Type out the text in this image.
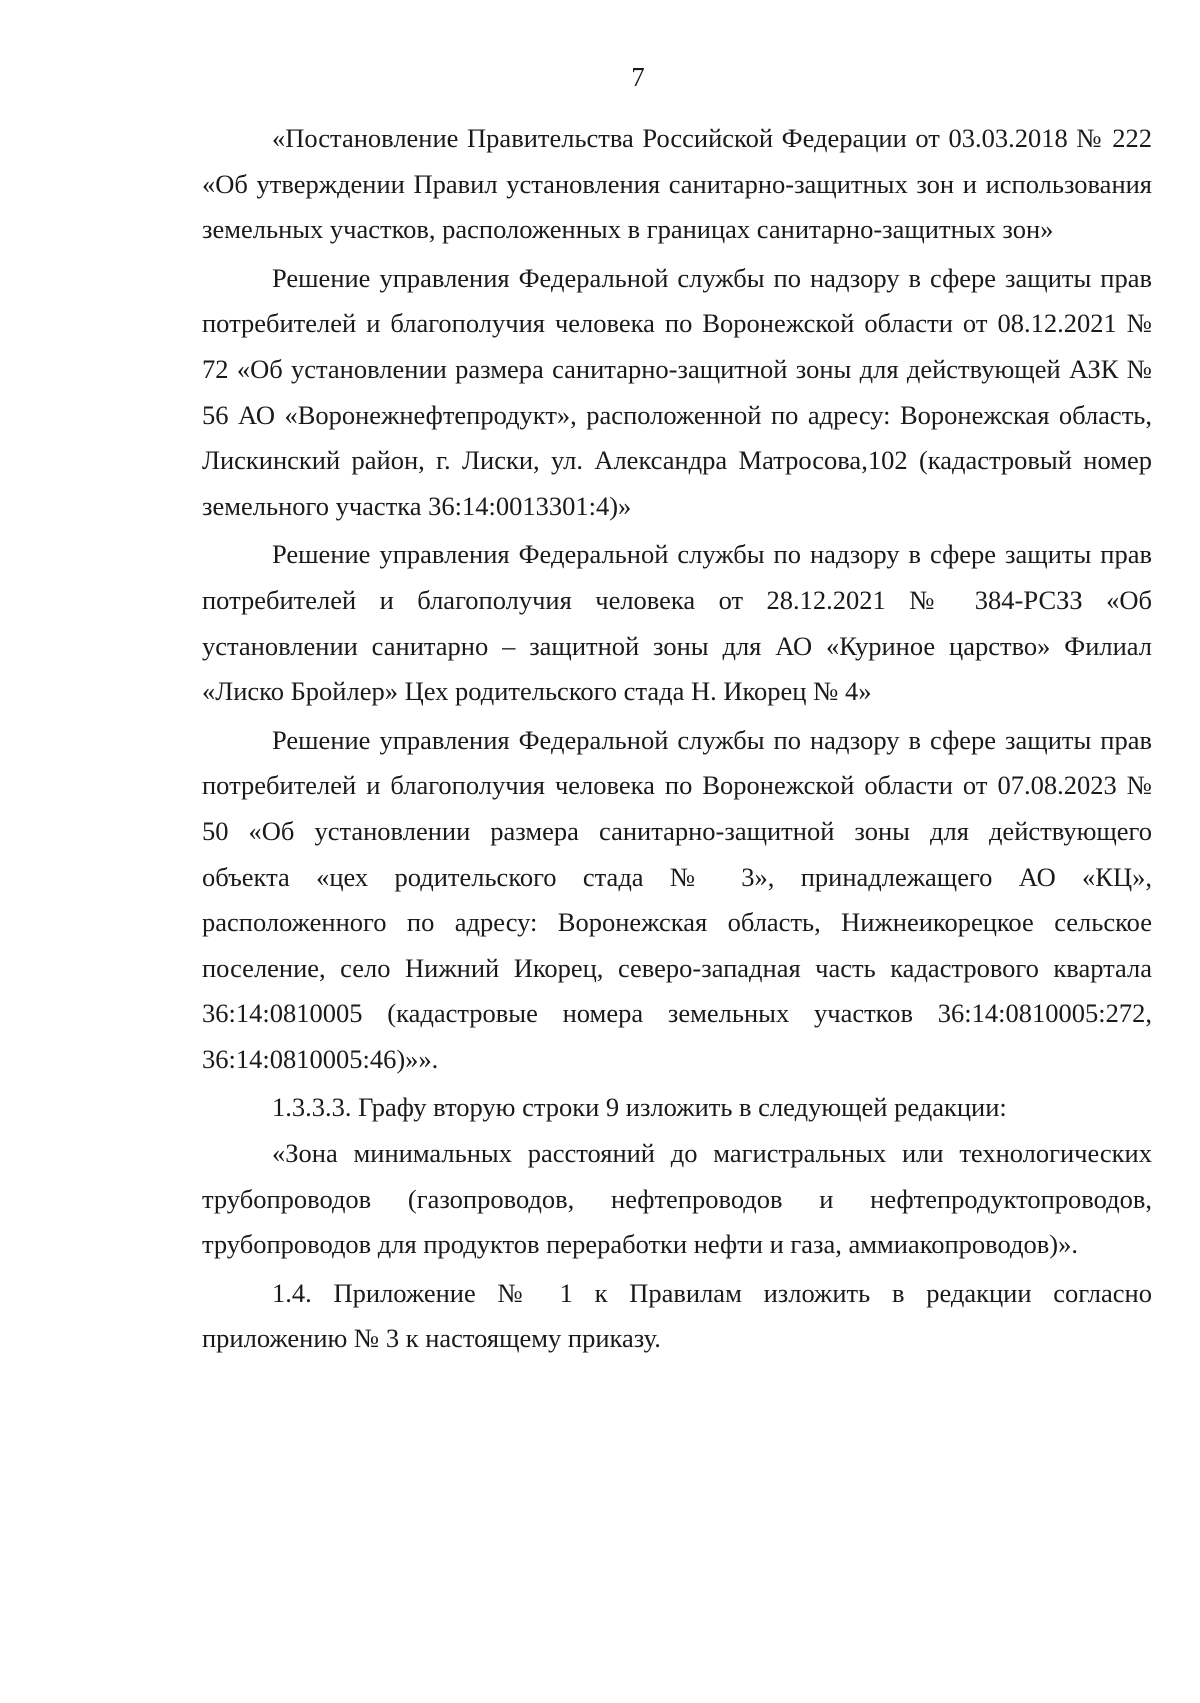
7

«Постановление Правительства Российской Федерации от 03.03.2018 № 222 «Об утверждении Правил установления санитарно-защитных зон и использования земельных участков, расположенных в границах санитарно-защитных зон»

Решение управления Федеральной службы по надзору в сфере защиты прав потребителей и благополучия человека по Воронежской области от 08.12.2021 № 72 «Об установлении размера санитарно-защитной зоны для действующей АЗК № 56 АО «Воронежнефтепродукт», расположенной по адресу: Воронежская область, Лискинский район, г. Лиски, ул. Александра Матросова,102 (кадастровый номер земельного участка 36:14:0013301:4)»

Решение управления Федеральной службы по надзору в сфере защиты прав потребителей и благополучия человека от 28.12.2021 № 384-РСЗЗ «Об установлении санитарно – защитной зоны для АО «Куриное царство» Филиал «Лиско Бройлер» Цех родительского стада Н. Икорец № 4»

Решение управления Федеральной службы по надзору в сфере защиты прав потребителей и благополучия человека по Воронежской области от 07.08.2023 № 50 «Об установлении размера санитарно-защитной зоны для действующего объекта «цех родительского стада № 3», принадлежащего АО «КЦ», расположенного по адресу: Воронежская область, Нижнеикорецкое сельское поселение, село Нижний Икорец, северо-западная часть кадастрового квартала 36:14:0810005 (кадастровые номера земельных участков 36:14:0810005:272, 36:14:0810005:46)»».

1.3.3.3. Графу вторую строки 9 изложить в следующей редакции:

«Зона минимальных расстояний до магистральных или технологических трубопроводов (газопроводов, нефтепроводов и нефтепродуктопроводов, трубопроводов для продуктов переработки нефти и газа, аммиакопроводов)».

1.4. Приложение № 1 к Правилам изложить в редакции согласно приложению № 3 к настоящему приказу.
